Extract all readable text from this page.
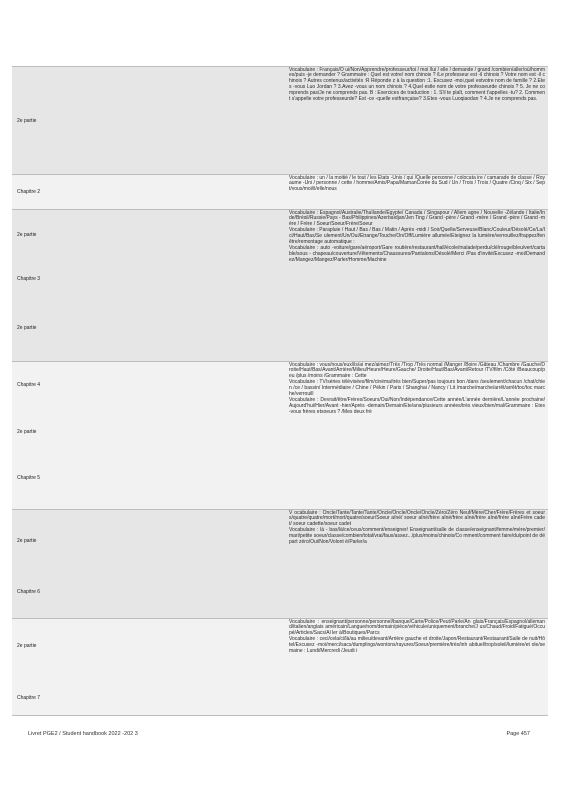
2e partie

Vocabulaire : Français/O ui/Non/Apprendre/professeur/toi / moi /lui / elle / demande / grand /combien/aller/où/hommes/puis -je demander ? Grammaire : Quel est votre/ nom chinois ? /Le professeur est -il chinois ? Votre nom est -il chinois ? Autres contenus/activités :R Réponde z à la question :1. Excusez -moi,quel estvotre nom de famille ? 2.Etes -vous Luo Jordan ? 3.Avez -vous un nom chinois ? 4.Quel estle nom de votre professeurde chinois ? 5. Je ne comprends pas/Je ne comprends pas. B : Exercices de traduction : 1. S'il te plaît, comment t'appelles -tu? 2. Comment s'appelle votre professeurde? Est -ce -quelle estfrançaise? 3.Etes -vous Luoqiaodan ? 4.Je ne comprends pas.

Chapitre 2

Vocabulaire : un / la moitié / le tout / les Etats -Unis / qui /Quelle personne / colocata ire / camarade de classe / Royaume -Uni / personne / cette / homme/Amis/Papa/MamanCorée du Sud / Un / Trois / Trois / Quatre /Cinq / Six / Sept/vous/moi/il/elle/nous

2e partie
Chapitre 3
2e partie

Vocabulaire : Espagnol/Australie/Thaïlande/Egypte/ Canada / Singapour / Allem agne / Nouvelle -Zélande / Italie/Inde/Brésil/Russie/Pays - Bas/Philippines/Azerbaïdjan/Jen Ting / Grand -père / Grand -mère / Grand -père / Grand -mère / Frère / Soeur/Soeur/Frère/Soeur

Vocabulaire : Parapluie / Haut / Bas / Bas / Matin / Après -midi / Soir/Quelle/Serveuse/Blanc/Couleur/Désolé/Ce/La/Ici/Haut/Bas/Se ulement/Un/Oui/Etrange/Touche/On/Off/Lumière allumée/Eteignez la lumière/verrouillez/frappez/fenêtre/remontage automatique :

Vocabulaire : auto -voiture/gare/aéroport/Gare routière/restaurant/hall/école/malade/perdu/clé/rouge/bleu/vert/carta ble/sous - chapeau/couverture/Vêtements/Chaussures/Pantalons/Désolé/Merci /Pas d'invité/Excusez -moi/Demandez/Mangez/Mangez/Parler/Homme/Machine

Chapitre 4
2e partie
Chapitre 5

Vocabulaire : vous/nous/eux/ils/ai mez/aimez/Très /Trop /Très normal /Manger /Boire /Gâteau /Chambre /Gauche/Droite/Haut/Bas/Avant/Arrière/Milieu/Heure/Heure/Gauche/ Droite/Haut/Bas/Avant/Retour /TV/film /Côté /Beaucoup/peu /plus /moins /Grammaire : Cette

Vocabulaire : TV/séries télévisées/film/cinéma/très bien/Super/pas toujours bon /dans /seulement/chacun /chat/chien /ce / bassin/ Intermédiaire / Chine / Pékin / Paris / Shanghai / Nancy / Lit /marche/marche/arrêt/arrêt/toc/toc marche/verrouill

Vocabulaire : Devrait/être/Frères/Soeurs/Oui/Non/Indépendance/Cette année/L'année dernière/L'année prochaine/Aujourd'hui/Hier/Avant -hier/Après -demain/Demain/Ete/ans/plusieurs années/très vieux/bien/mal/Grammaire : Etes -vous frères etsoeurs ? /Mes deux frè

2e partie
Chapitre 6

V ocabulaire : Oncle/Tante/Tante/Tante/Oncle/Oncle/Oncle/Oncle/Zéro/Zéro Neuf/Mère/Cher/Frère/Frères et soeurs/quatre/quatre/mort/mort/quatre/soeur/Soeur aîné/ soeur aîné/frère aîné/frère aîné/frère aîné/frère aînéFrère cadet/ soeur cadette/soeur cadet

Vocabulaire : là - bas/là/ce/ceux/comment/enseigner/ Enseignant/salle de classe/enseignant/femme/mère/premier/mari/petite soeur/classe/combien/total/vrai/faux/assez.../plus/moins/chinois/Co mment/comment faire/du/point de départ zéro/Oui/Non/Volont é/Parler/a

2e partie
Chapitre 7

Vocabulaire : enseignant/personne/personnel/banque/Carte/Police/Peut/Parle/An glais/Français/Espagnol/allemand/italien/anglais américain/Langue/nom/demain/pièce/véhicule/uniquement/branche/J us/Chaud/Froid/Fatigué/Occupé/Articles/Sacs/Al ler à/Boutiques/Parcs

Vocabulaire : ceci/cela/ci/là/au milieu/devant/Arrière gauche et droite/Japon/Restaurant/Restaurant/Salle de nuit/Hôtel/Excusez -moi/merci/sacs/dumplings/wontons/rayures/Soeur/première/très/inh abituel/trop/soleil/lumière/et ole/semaine : Lundi/Mercredi /Jeudi i

Livret PGE2 / Student handbook 2022 -202 3	Page 457
